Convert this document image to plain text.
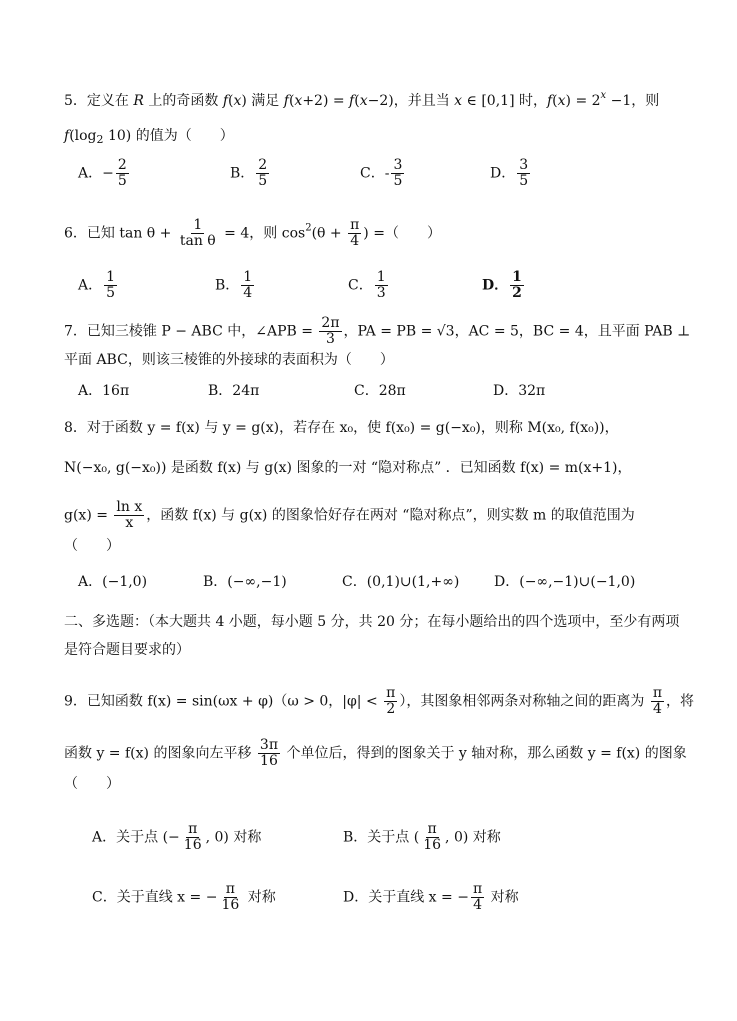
5．定义在 R 上的奇函数 f(x) 满足 f(x+2) = f(x−2)，并且当 x ∈ [0,1] 时，$f(x) = 2^x -1$，则
$f(\log_2$ 10) 的值为（　　）
A．− $\frac{2}{5}$	B． $\frac{2}{5}$	C．- $\frac{3}{5}$	D． $\frac{3}{5}$
6．已知 $\tan \theta + \frac{1}{\text{tan θ}} = 4$，则 $\cos^2(\theta + \frac{\pi}{4}$ ) =（　　）
A． $\frac{1}{5}$	B． $\frac{1}{4}$	C． $\frac{1}{3}$	D． $\frac{1}{2}$
7．已知三棱锥 P − ABC 中，∠APB = $\frac{2\pi}{3}$ ，PA = PB = √3，AC = 5，BC = 4，且平面 PAB ⊥
平面 ABC，则该三棱锥的外接球的表面积为（　　）
A．16π	B．24π	C．28π	D．32π
8．对于函数 y = f(x) 与 y = g(x)，若存在 x₀，使 f(x₀) = g(−x₀)，则称 M(x₀, f(x₀))，
N(−x₀, g(−x₀)) 是函数 f(x) 与 g(x) 图象的一对 “隐对称点” ．已知函数 f(x) = m(x+1)，
$g(x) = \frac{\text{ln x}}{x}$ ，函数 f(x) 与 g(x) 的图象恰好存在两对 “隐对称点”，则实数 m 的取值范围为
（　　）
A．(−1,0)	B．(−∞,−1)	C．(0,1)∪(1,+∞) D．(−∞,−1)∪(−1,0)
二、多选题：（本大题共 4 小题，每小题 5 分，共 20 分；在每小题给出的四个选项中，至少有两项
是符合题目要求的）
9．已知函数 f(x) = sin(ωx + φ)（ω > 0，$|\varphi| < \frac{\pi}{2}$ ），其图象相邻两条对称轴之间的距离为 $\frac{\pi}{4}$ ，将
函数 y = f(x) 的图象向左平移 $\frac{3\pi}{16}$ 个单位后，得到的图象关于 y 轴对称，那么函数 y = f(x) 的图象
（　　）
A．关于点 (− $\frac{\pi}{16}$ , 0) 对称	B．关于点 ( $\frac{\pi}{16}$ , 0) 对称
C．关于直线 x = − $\frac{\pi}{16}$ 对称	D．关于直线 x = − $\frac{\pi}{4}$ 对称
